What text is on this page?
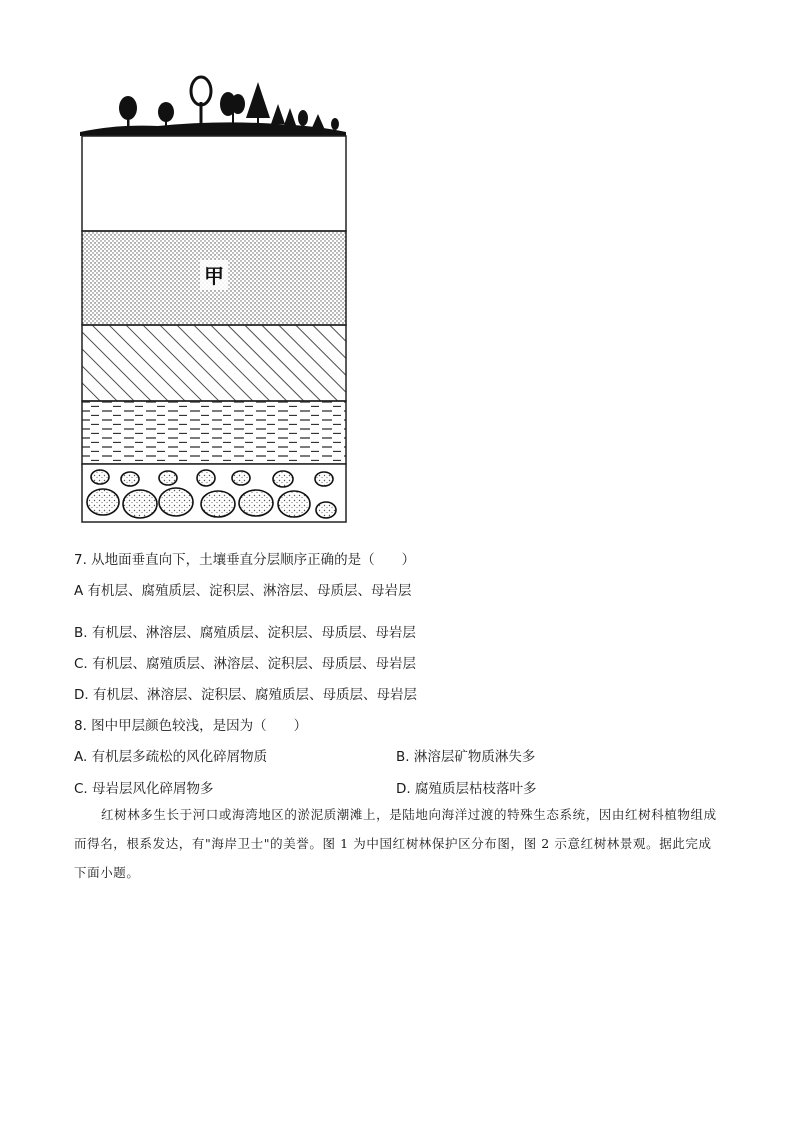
甲
7. 从地面垂直向下，土壤垂直分层顺序正确的是（　　）
A 有机层、腐殖质层、淀积层、淋溶层、母质层、母岩层
B. 有机层、淋溶层、腐殖质层、淀积层、母质层、母岩层
C. 有机层、腐殖质层、淋溶层、淀积层、母质层、母岩层
D. 有机层、淋溶层、淀积层、腐殖质层、母质层、母岩层
8. 图中甲层颜色较浅，是因为（　　）
A. 有机层多疏松的风化碎屑物质	B. 淋溶层矿物质淋失多
C. 母岩层风化碎屑物多	D. 腐殖质层枯枝落叶多

红树林多生长于河口或海湾地区的淤泥质潮滩上，是陆地向海洋过渡的特殊生态系统，因由红树科植物组成而得名，根系发达，有"海岸卫士"的美誉。图 1 为中国红树林保护区分布图，图 2 示意红树林景观。据此完成下面小题。
